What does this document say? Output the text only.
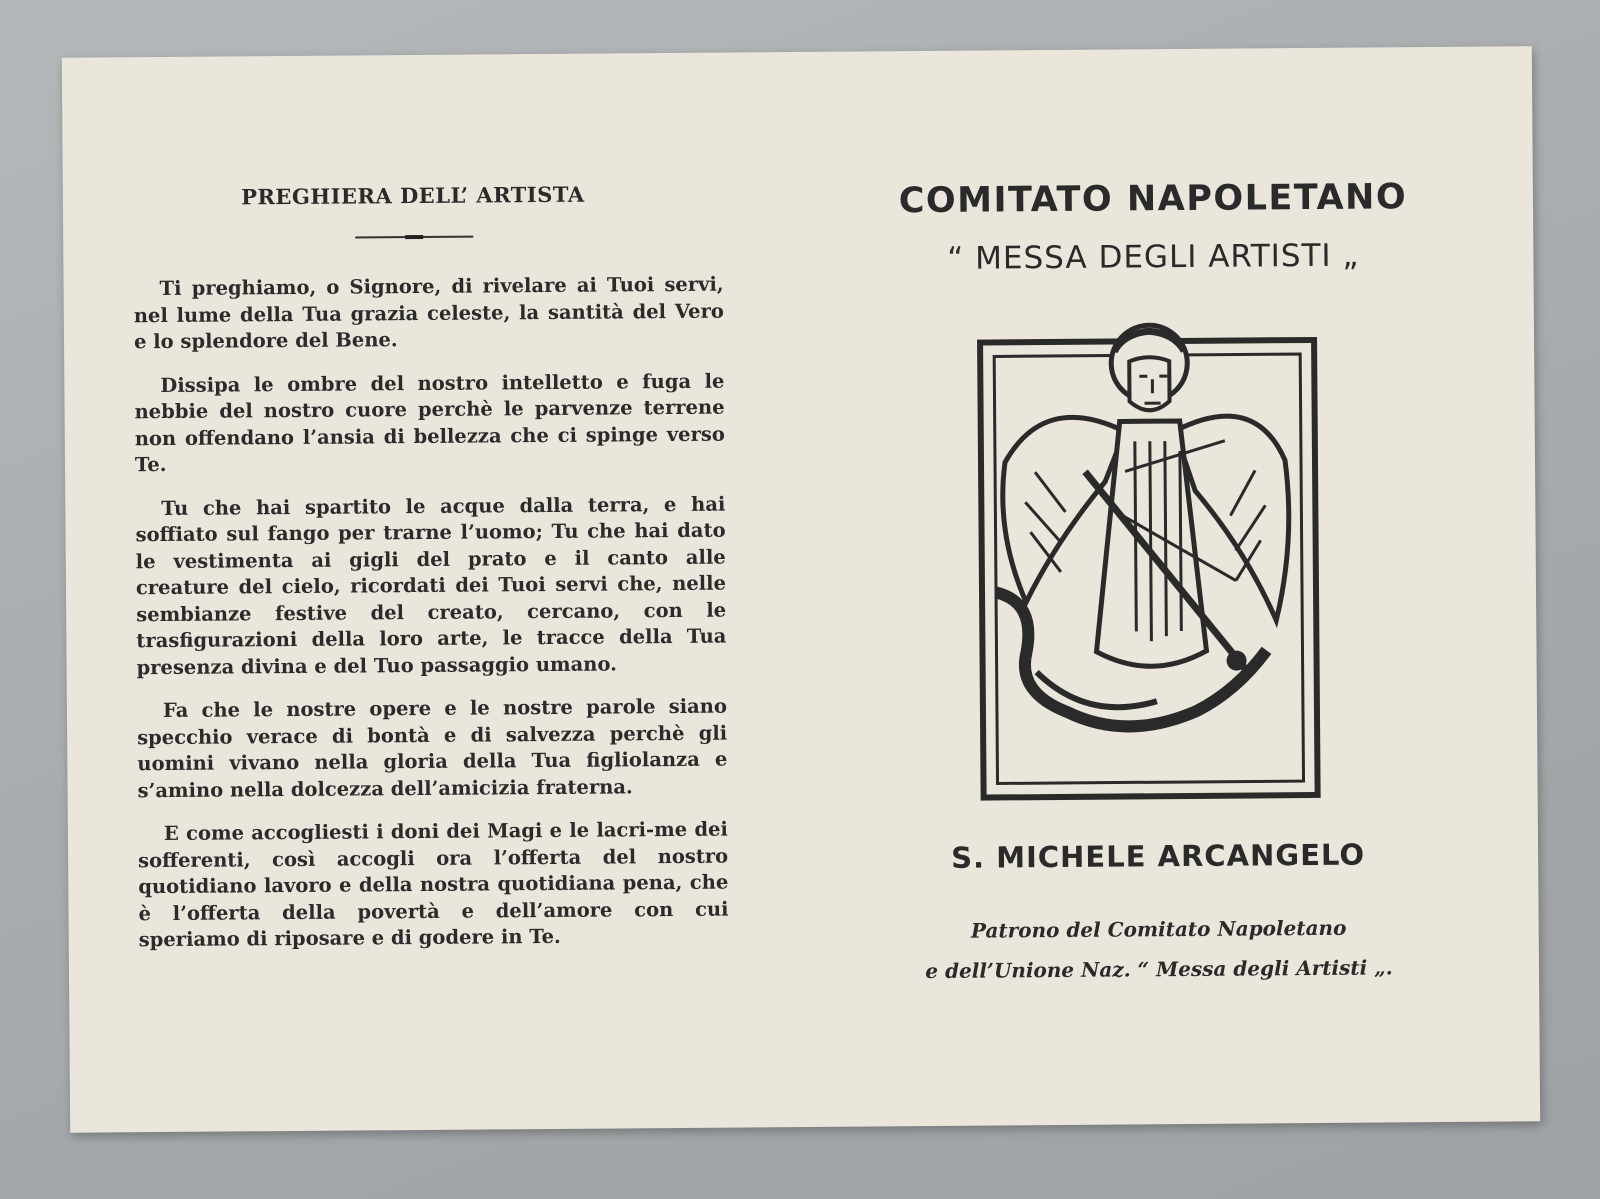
PREGHIERA DELL’ ARTISTA

Ti preghiamo, o Signore, di rivelare ai Tuoi servi, nel lume della Tua grazia celeste, la santità del Vero e lo splendore del Bene.

Dissipa le ombre del nostro intelletto e fuga le nebbie del nostro cuore perchè le parvenze terrene non offendano l’ansia di bellezza che ci spinge verso Te.

Tu che hai spartito le acque dalla terra, e hai soffiato sul fango per trarne l’uomo; Tu che hai dato le vestimenta ai gigli del prato e il canto alle creature del cielo, ricordati dei Tuoi servi che, nelle sembianze festive del creato, cercano, con le trasfigurazioni della loro arte, le tracce della Tua presenza divina e del Tuo passaggio umano.

Fa che le nostre opere e le nostre parole siano specchio verace di bontà e di salvezza perchè gli uomini vivano nella gloria della Tua figliolanza e s’amino nella dolcezza dell’amicizia fraterna.

E come accogliesti i doni dei Magi e le lacri-me dei sofferenti, così accogli ora l’offerta del nostro quotidiano lavoro e della nostra quotidiana pena, che è l’offerta della povertà e dell’amore con cui speriamo di riposare e di godere in Te.

COMITATO NAPOLETANO
“ MESSA DEGLI ARTISTI „
S. MICHELE ARCANGELO
Patrono del Comitato Napoletano
e dell’Unione Naz. “ Messa degli Artisti „.
